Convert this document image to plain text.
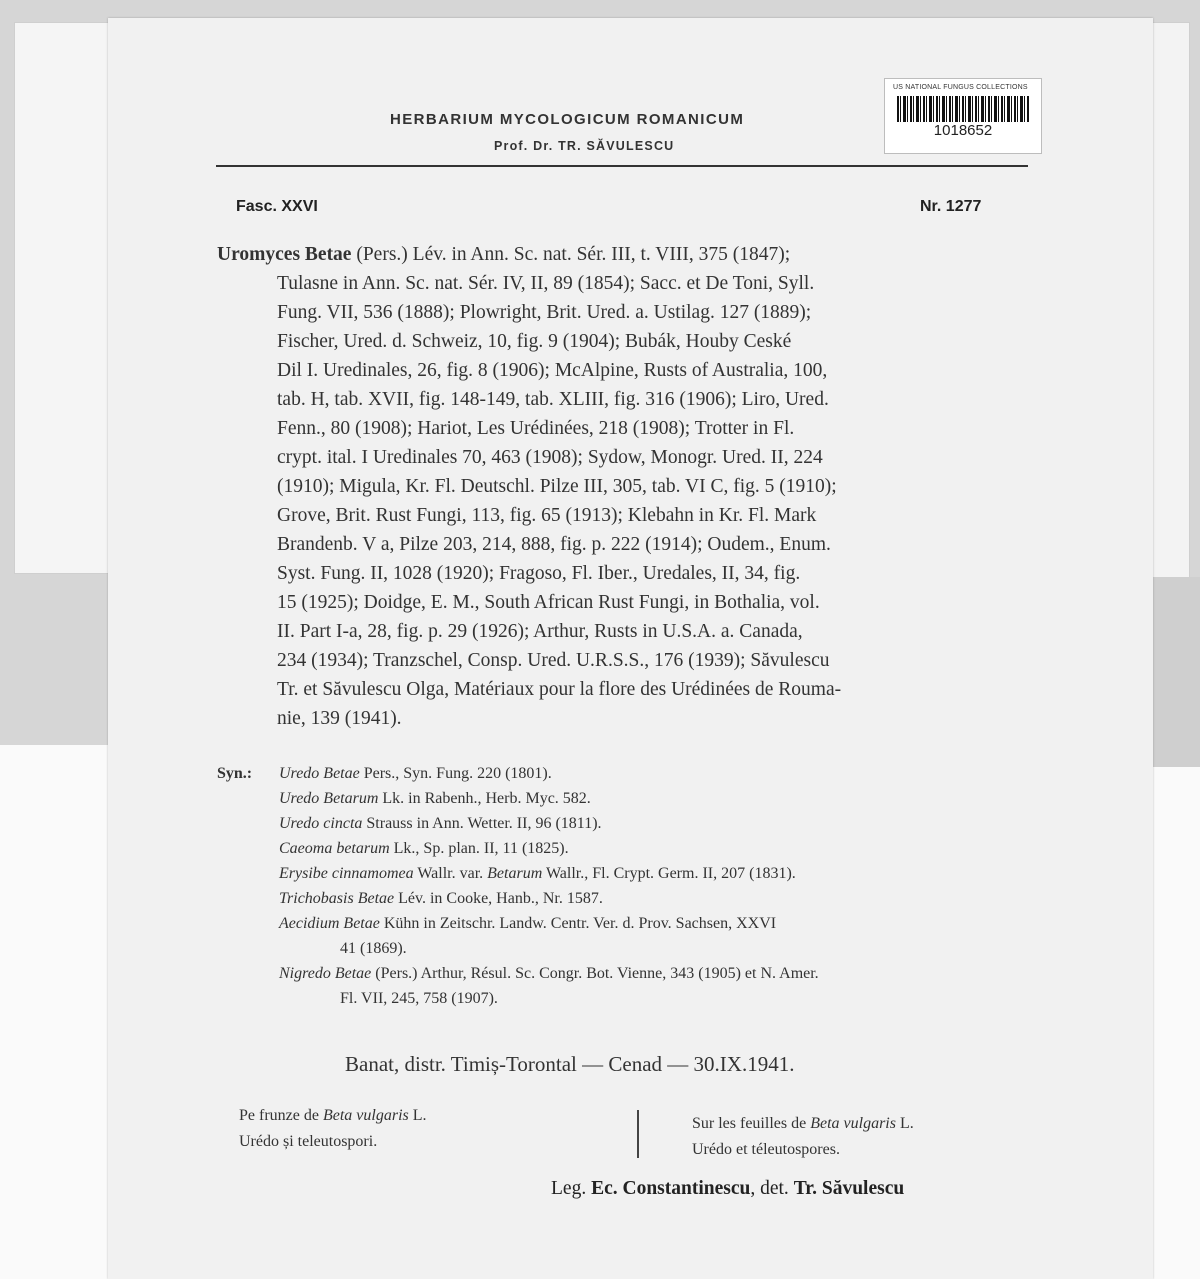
US NATIONAL FUNGUS COLLECTIONS
1018652
HERBARIUM MYCOLOGICUM ROMANICUM
Prof. Dr. TR. SĂVULESCU
Fasc. XXVI	Nr. 1277
Uromyces Betae (Pers.) Lév. in Ann. Sc. nat. Sér. III, t. VIII, 375 (1847);
Tulasne in Ann. Sc. nat. Sér. IV, II, 89 (1854); Sacc. et De Toni, Syll.
Fung. VII, 536 (1888); Plowright, Brit. Ured. a. Ustilag. 127 (1889);
Fischer, Ured. d. Schweiz, 10, fig. 9 (1904); Bubák, Houby Ceské
Dil I. Uredinales, 26, fig. 8 (1906); McAlpine, Rusts of Australia, 100,
tab. H, tab. XVII, fig. 148-149, tab. XLIII, fig. 316 (1906); Liro, Ured.
Fenn., 80 (1908); Hariot, Les Urédinées, 218 (1908); Trotter in Fl.
crypt. ital. I Uredinales 70, 463 (1908); Sydow, Monogr. Ured. II, 224
(1910); Migula, Kr. Fl. Deutschl. Pilze III, 305, tab. VI C, fig. 5 (1910);
Grove, Brit. Rust Fungi, 113, fig. 65 (1913); Klebahn in Kr. Fl. Mark
Brandenb. V a, Pilze 203, 214, 888, fig. p. 222 (1914); Oudem., Enum.
Syst. Fung. II, 1028 (1920); Fragoso, Fl. Iber., Uredales, II, 34, fig.
15 (1925); Doidge, E. M., South African Rust Fungi, in Bothalia, vol.
II. Part I-a, 28, fig. p. 29 (1926); Arthur, Rusts in U.S.A. a. Canada,
234 (1934); Tranzschel, Consp. Ured. U.R.S.S., 176 (1939); Săvulescu
Tr. et Săvulescu Olga, Matériaux pour la flore des Urédinées de Rouma-
nie, 139 (1941).
Syn.: Uredo Betae Pers., Syn. Fung. 220 (1801).
Uredo Betarum Lk. in Rabenh., Herb. Myc. 582.
Uredo cincta Strauss in Ann. Wetter. II, 96 (1811).
Caeoma betarum Lk., Sp. plan. II, 11 (1825).
Erysibe cinnamomea Wallr. var. Betarum Wallr., Fl. Crypt. Germ. II, 207 (1831).
Trichobasis Betae Lév. in Cooke, Hanb., Nr. 1587.
Aecidium Betae Kühn in Zeitschr. Landw. Centr. Ver. d. Prov. Sachsen, XXVI
41 (1869).
Nigredo Betae (Pers.) Arthur, Résul. Sc. Congr. Bot. Vienne, 343 (1905) et N. Amer.
Fl. VII, 245, 758 (1907).
Banat, distr. Timiș-Torontal — Cenad — 30.IX.1941.
Pe frunze de Beta vulgaris L.
Urédo și teleutospori.
Sur les feuilles de Beta vulgaris L.
Urédo et téleutospores.
Leg. Ec. Constantinescu, det. Tr. Săvulescu
